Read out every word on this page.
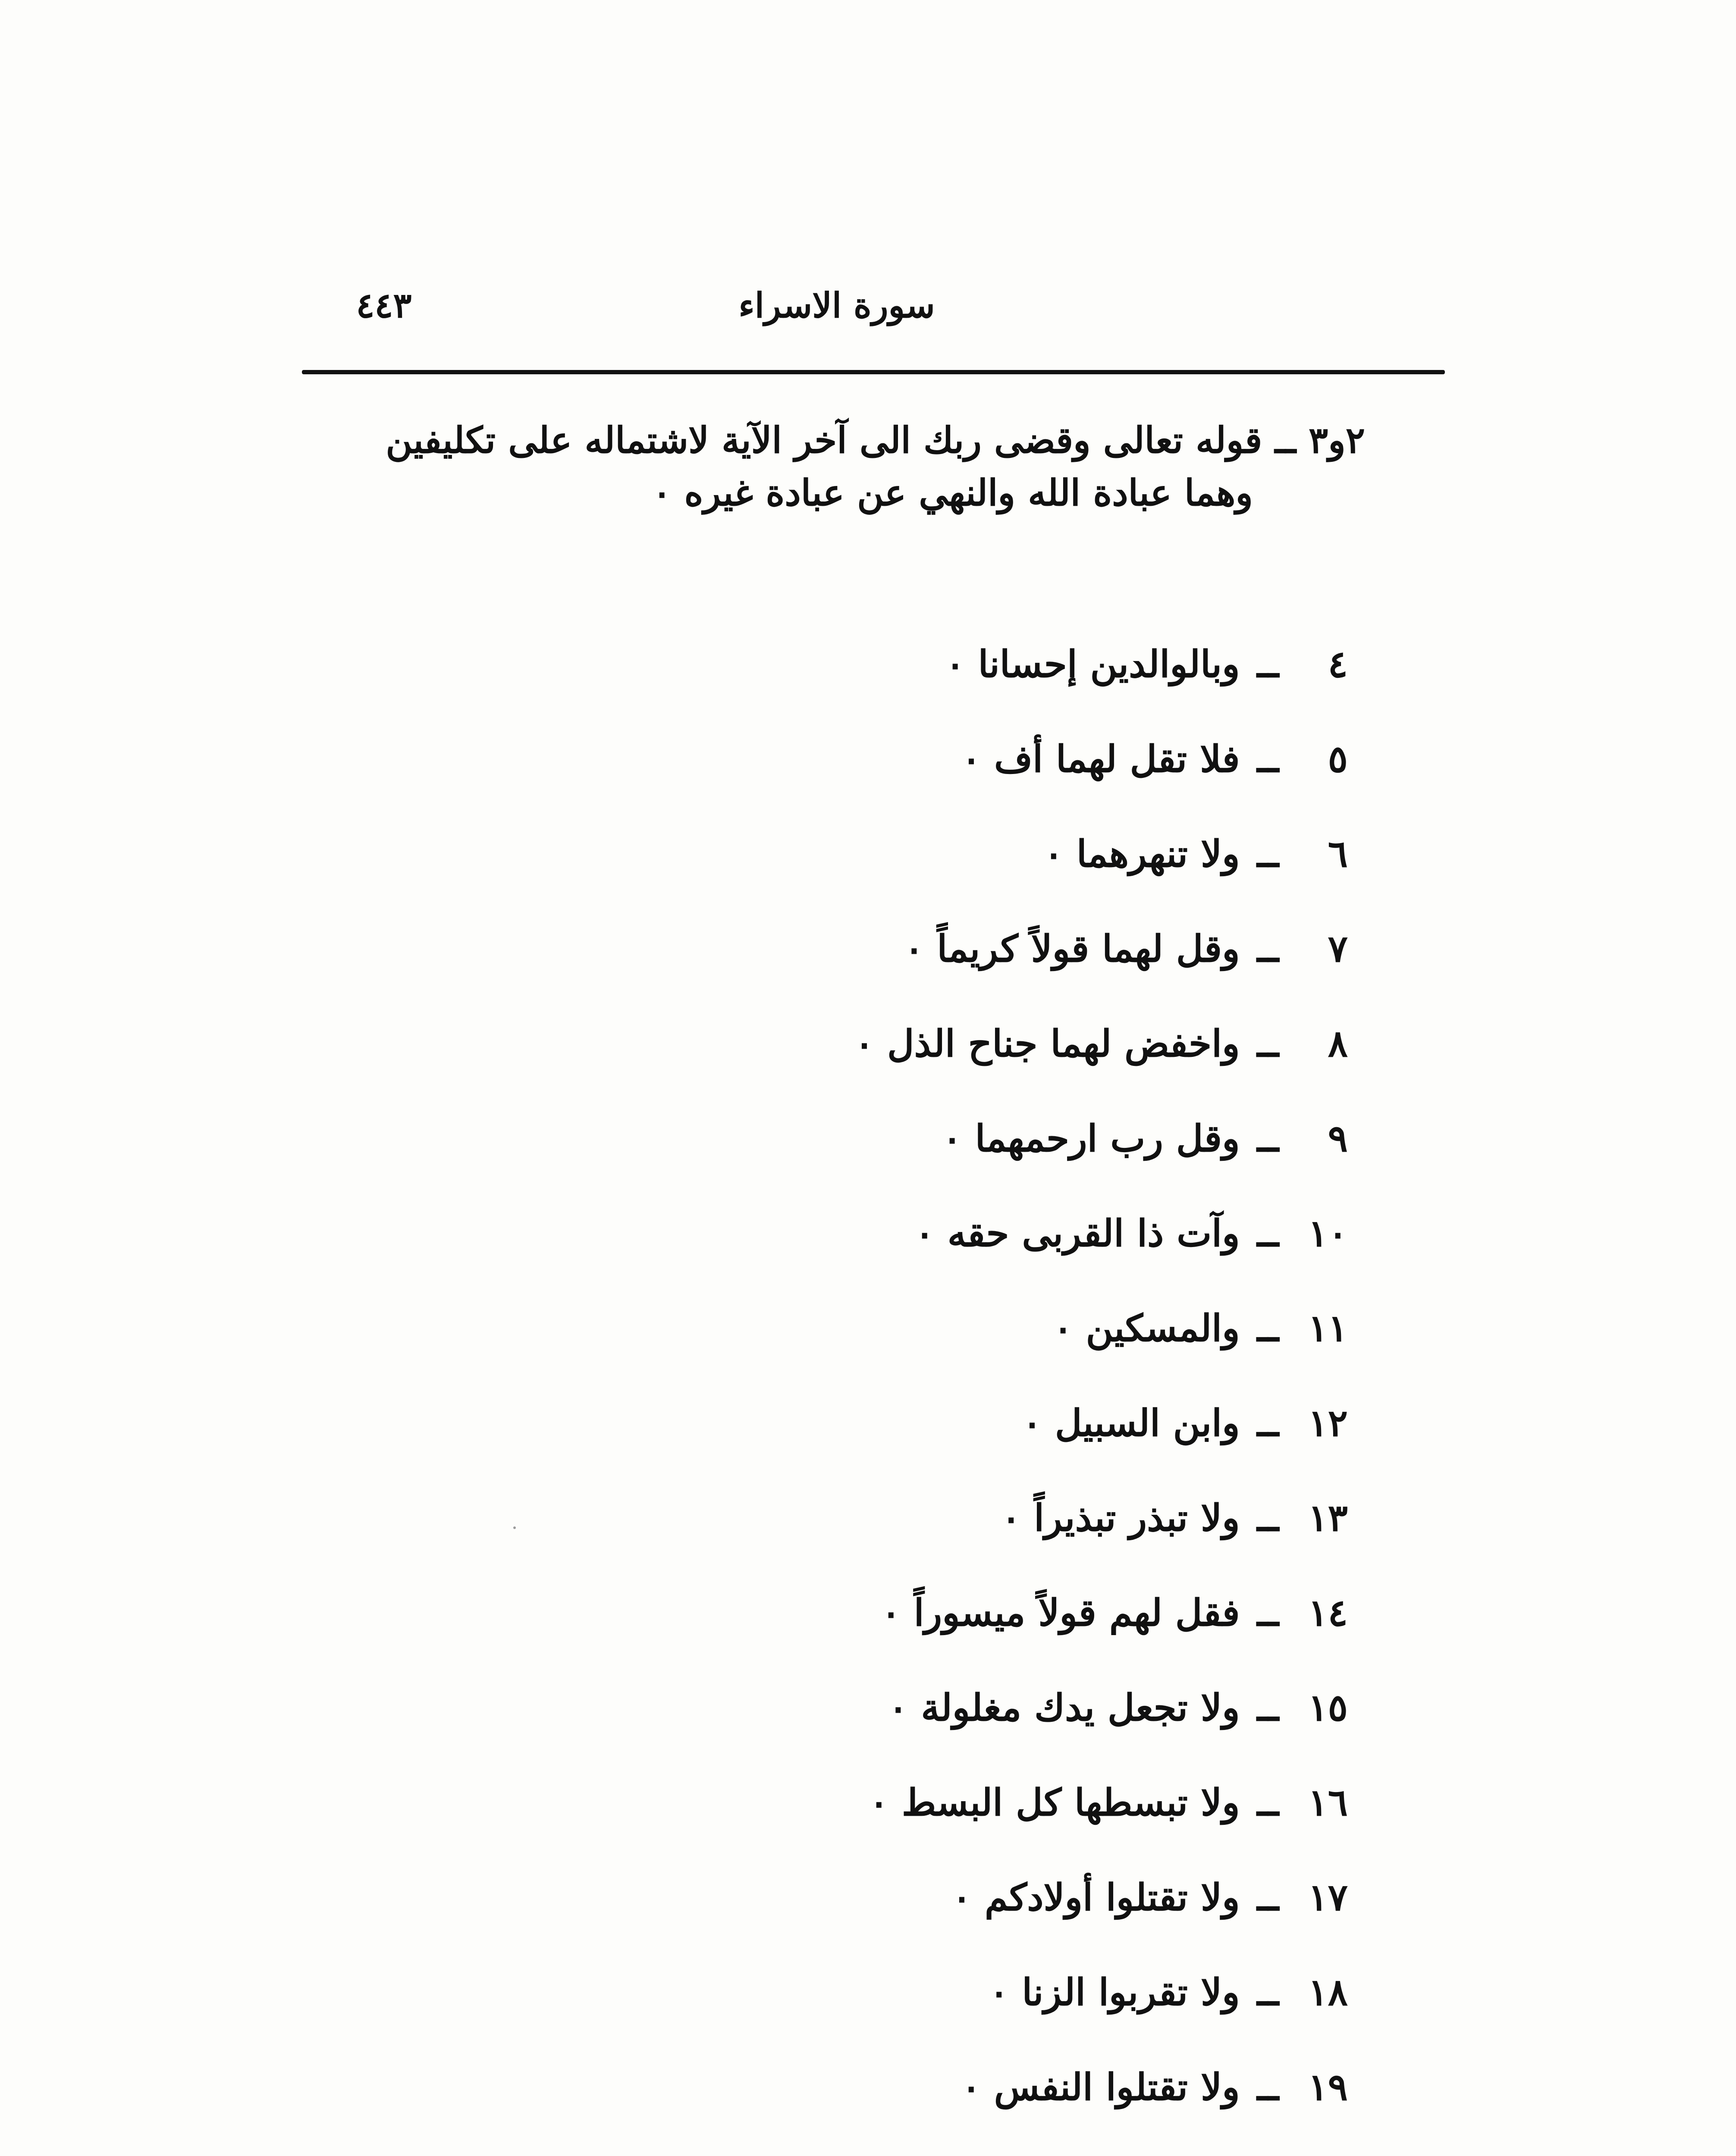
سورة الاسراء
٤٤٣
٢و٣ ــ قوله تعالى وقضى ربك الى آخر الآية لاشتماله على تكليفين
وهما عبادة الله والنهي عن عبادة غيره ٠
٤
ــ
وبالوالدين إحسانا ٠
٥
ــ
فلا تقل لهما أف ٠
٦
ــ
ولا تنهرهما ٠
٧
ــ
وقل لهما قولاً كريماً ٠
٨
ــ
واخفض لهما جناح الذل ٠
٩
ــ
وقل رب ارحمهما ٠
١٠
ــ
وآت ذا القربى حقه ٠
١١
ــ
والمسكين ٠
١٢
ــ
وابن السبيل ٠
١٣
ــ
ولا تبذر تبذيراً ٠
١٤
ــ
فقل لهم قولاً ميسوراً ٠
١٥
ــ
ولا تجعل يدك مغلولة ٠
١٦
ــ
ولا تبسطها كل البسط ٠
١٧
ــ
ولا تقتلوا أولادكم ٠
١٨
ــ
ولا تقربوا الزنا ٠
١٩
ــ
ولا تقتلوا النفس ٠
